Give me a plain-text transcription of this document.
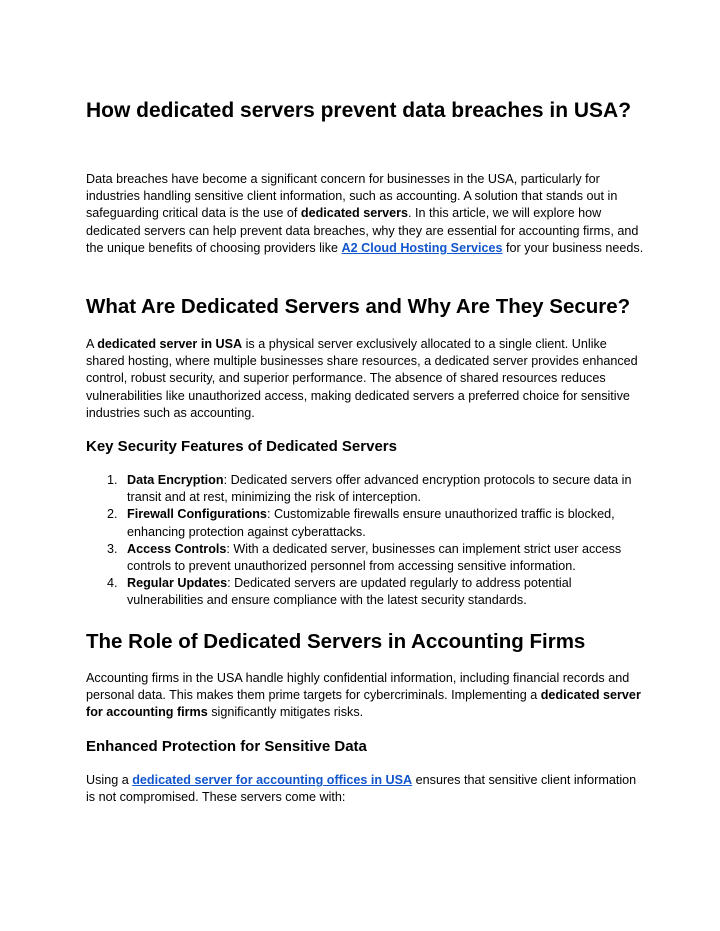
How dedicated servers prevent data breaches in USA?

Data breaches have become a significant concern for businesses in the USA, particularly for industries handling sensitive client information, such as accounting. A solution that stands out in safeguarding critical data is the use of dedicated servers. In this article, we will explore how dedicated servers can help prevent data breaches, why they are essential for accounting firms, and the unique benefits of choosing providers like A2 Cloud Hosting Services for your business needs.

What Are Dedicated Servers and Why Are They Secure?

A dedicated server in USA is a physical server exclusively allocated to a single client. Unlike shared hosting, where multiple businesses share resources, a dedicated server provides enhanced control, robust security, and superior performance. The absence of shared resources reduces vulnerabilities like unauthorized access, making dedicated servers a preferred choice for sensitive industries such as accounting.

Key Security Features of Dedicated Servers
1. Data Encryption: Dedicated servers offer advanced encryption protocols to secure data in transit and at rest, minimizing the risk of interception.
2. Firewall Configurations: Customizable firewalls ensure unauthorized traffic is blocked, enhancing protection against cyberattacks.
3. Access Controls: With a dedicated server, businesses can implement strict user access controls to prevent unauthorized personnel from accessing sensitive information.
4. Regular Updates: Dedicated servers are updated regularly to address potential vulnerabilities and ensure compliance with the latest security standards.
The Role of Dedicated Servers in Accounting Firms

Accounting firms in the USA handle highly confidential information, including financial records and personal data. This makes them prime targets for cybercriminals. Implementing a dedicated server for accounting firms significantly mitigates risks.

Enhanced Protection for Sensitive Data

Using a dedicated server for accounting offices in USA ensures that sensitive client information is not compromised. These servers come with:
